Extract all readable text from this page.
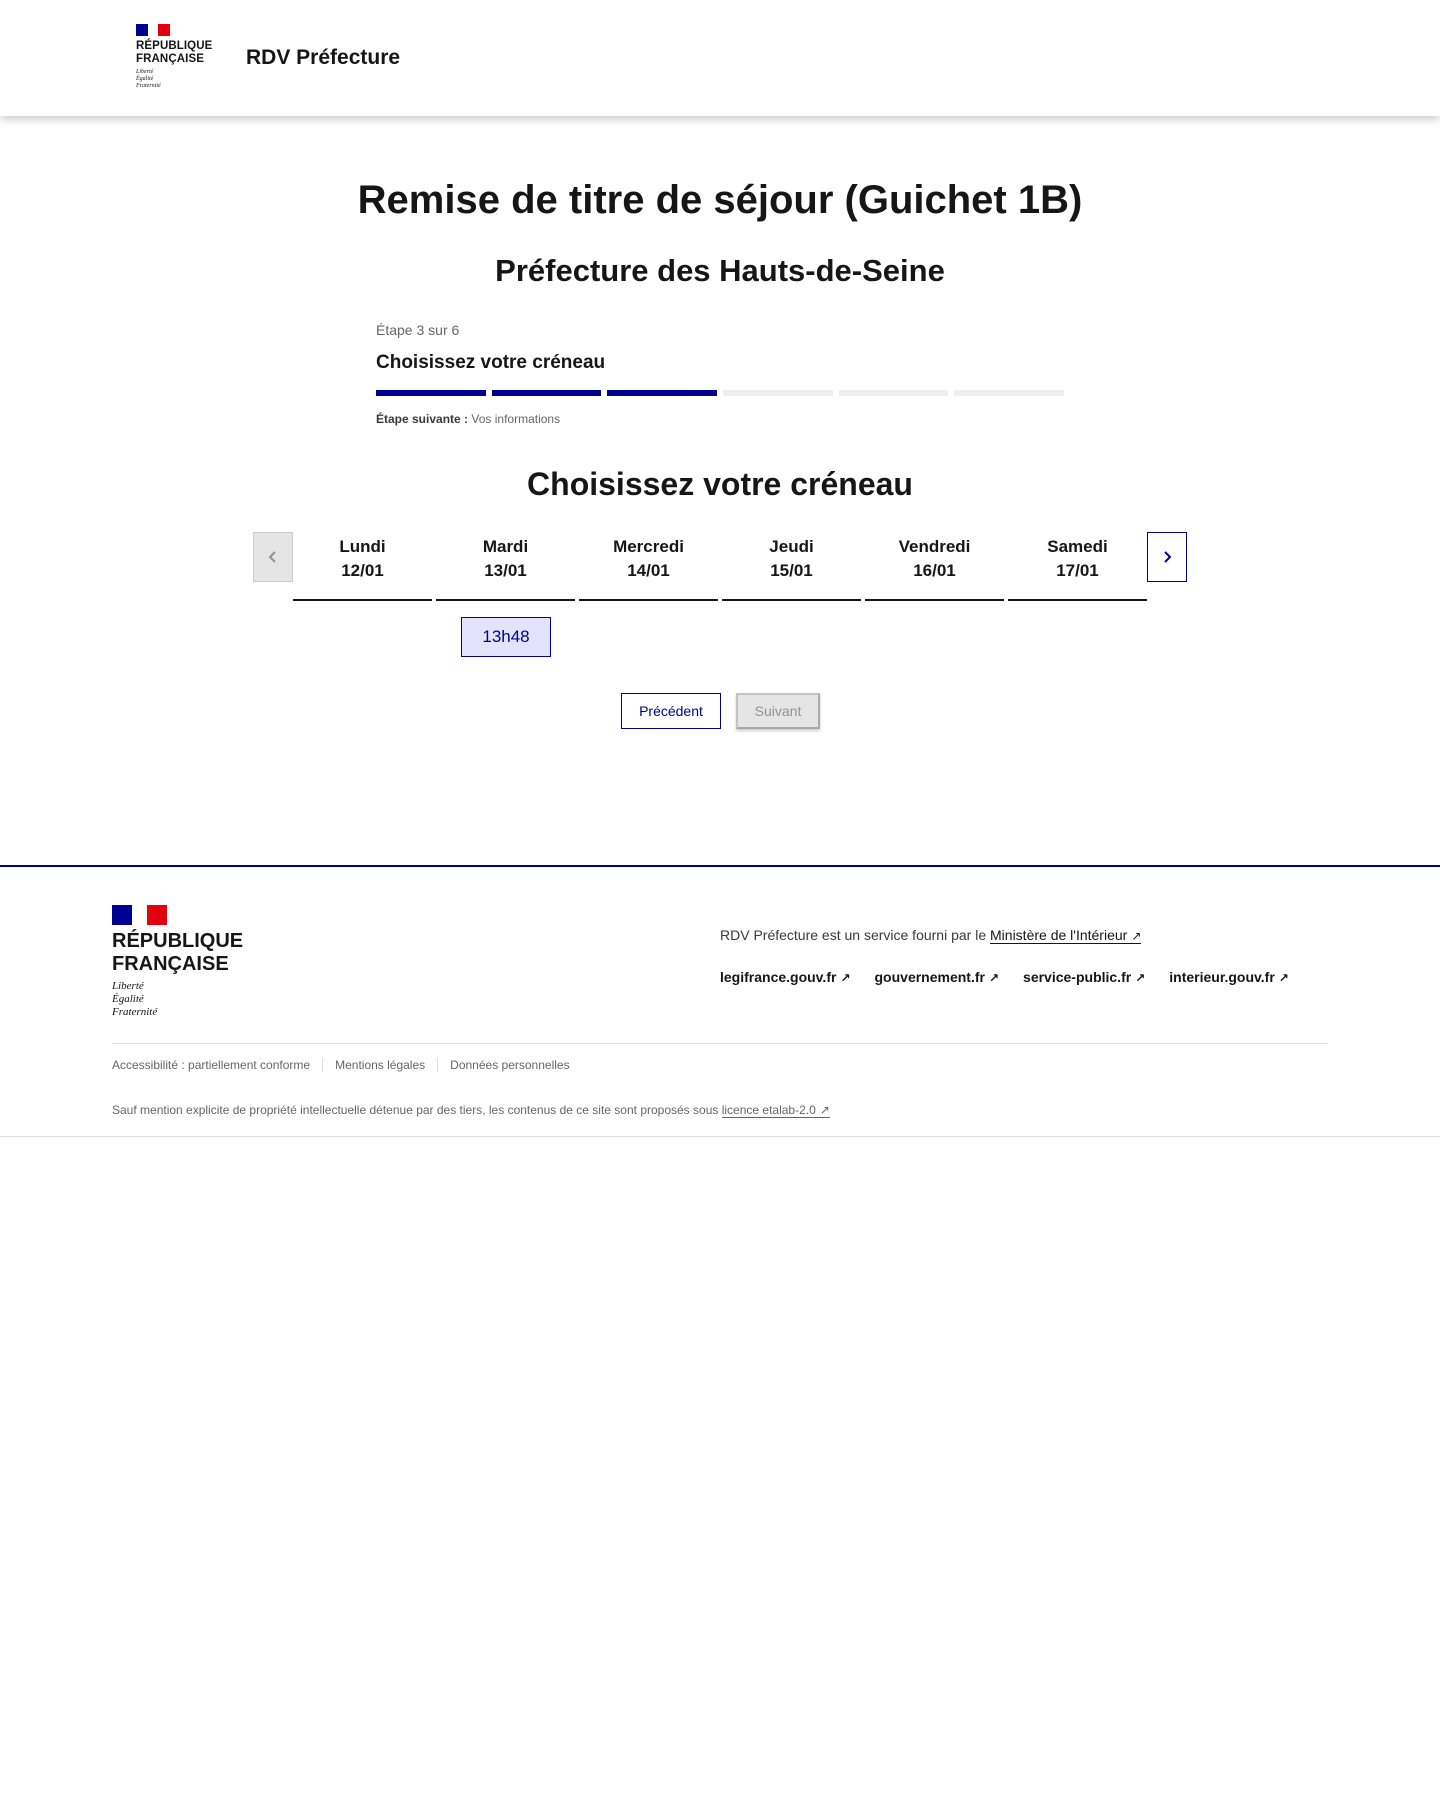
RÉPUBLIQUE
FRANÇAISE
Liberté
Égalité
Fraternité
RDV Préfecture
Remise de titre de séjour (Guichet 1B)
Préfecture des Hauts-de-Seine
Étape 3 sur 6
Choisissez votre créneau
Étape suivante : Vos informations
Choisissez votre créneau
Lundi
12/01
Mardi
13/01
Mercredi
14/01
Jeudi
15/01
Vendredi
16/01
Samedi
17/01
13h48
Précédent	Suivant
RÉPUBLIQUE
FRANÇAISE
Liberté
Égalité
Fraternité
RDV Préfecture est un service fourni par le Ministère de l'Intérieur ↗
legifrance.gouv.fr ↗ gouvernement.fr ↗ service-public.fr ↗ interieur.gouv.fr ↗
Accessibilité : partiellement conforme	Mentions légales	Données personnelles
Sauf mention explicite de propriété intellectuelle détenue par des tiers, les contenus de ce site sont proposés sous licence etalab-2.0 ↗
